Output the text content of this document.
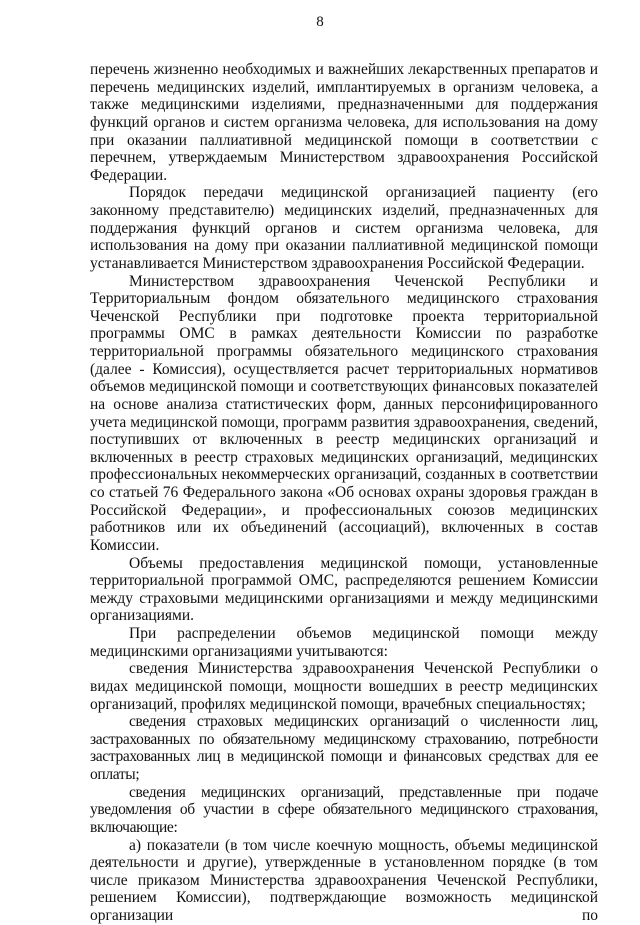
8

перечень жизненно необходимых и важнейших лекарственных препаратов и перечень медицинских изделий, имплантируемых в организм человека, а также медицинскими изделиями, предназначенными для поддержания функций органов и систем организма человека, для использования на дому при оказании паллиативной медицинской помощи в соответствии с перечнем, утверждаемым Министерством здравоохранения Российской Федерации.

Порядок передачи медицинской организацией пациенту (его законному представителю) медицинских изделий, предназначенных для поддержания функций органов и систем организма человека, для использования на дому при оказании паллиативной медицинской помощи устанавливается Министерством здравоохранения Российской Федерации.

Министерством здравоохранения Чеченской Республики и Территориальным фондом обязательного медицинского страхования Чеченской Республики при подготовке проекта территориальной программы ОМС в рамках деятельности Комиссии по разработке территориальной программы обязательного медицинского страхования (далее - Комиссия), осуществляется расчет территориальных нормативов объемов медицинской помощи и соответствующих финансовых показателей на основе анализа статистических форм, данных персонифицированного учета медицинской помощи, программ развития здравоохранения, сведений, поступивших от включенных в реестр медицинских организаций и включенных в реестр страховых медицинских организаций, медицинских профессиональных некоммерческих организаций, созданных в соответствии со статьей 76 Федерального закона «Об основах охраны здоровья граждан в Российской Федерации», и профессиональных союзов медицинских работников или их объединений (ассоциаций), включенных в состав Комиссии.

Объемы предоставления медицинской помощи, установленные территориальной программой ОМС, распределяются решением Комиссии между страховыми медицинскими организациями и между медицинскими организациями.

При распределении объемов медицинской помощи между медицинскими организациями учитываются:

сведения Министерства здравоохранения Чеченской Республики о видах медицинской помощи, мощности вошедших в реестр медицинских организаций, профилях медицинской помощи, врачебных специальностях;

сведения страховых медицинских организаций о численности лиц, застрахованных по обязательному медицинскому страхованию, потребности застрахованных лиц в медицинской помощи и финансовых средствах для ее оплаты;

сведения медицинских организаций, представленные при подаче уведомления об участии в сфере обязательного медицинского страхования, включающие:

а) показатели (в том числе коечную мощность, объемы медицинской деятельности и другие), утвержденные в установленном порядке (в том числе приказом Министерства здравоохранения Чеченской Республики, решением Комиссии), подтверждающие возможность медицинской организации по
